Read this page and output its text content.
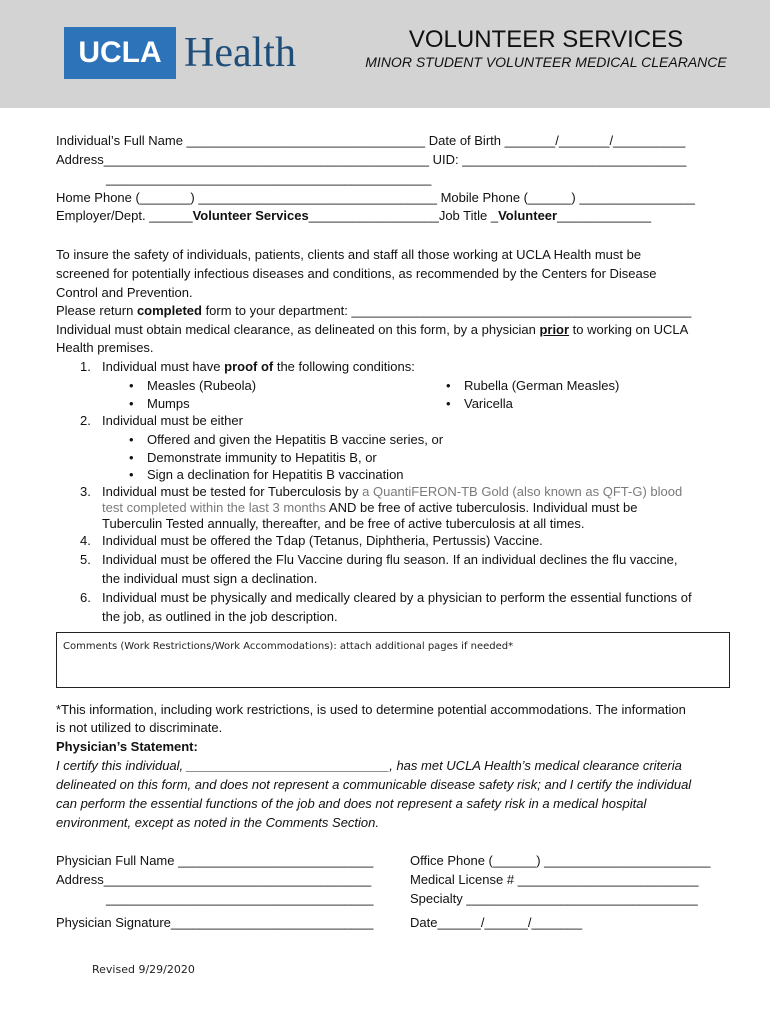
UCLA Health	VOLUNTEER SERVICES
MINOR STUDENT VOLUNTEER MEDICAL CLEARANCE
Individual’s Full Name _________________________________ Date of Birth _______/_______/__________
Address_____________________________________________ UID: _______________________________
_____________________________________________
Home Phone (_______) _________________________________ Mobile Phone (______) ________________
Employer/Dept. ______Volunteer Services__________________Job Title _Volunteer_____________
To insure the safety of individuals, patients, clients and staff all those working at UCLA Health must be
screened for potentially infectious diseases and conditions, as recommended by the Centers for Disease
Control and Prevention.
Please return completed form to your department: _______________________________________________
Individual must obtain medical clearance, as delineated on this form, by a physician prior to working on UCLA
Health premises.
1. Individual must have proof of the following conditions:
• Measles (Rubeola)
• Mumps
• Rubella (German Measles)
• Varicella
2. Individual must be either
• Offered and given the Hepatitis B vaccine series, or
• Demonstrate immunity to Hepatitis B, or
• Sign a declination for Hepatitis B vaccination
3. Individual must be tested for Tuberculosis by a QuantiFERON-TB Gold (also known as QFT-G) blood
test completed within the last 3 months AND be free of active tuberculosis. Individual must be
Tuberculin Tested annually, thereafter, and be free of active tuberculosis at all times.
4. Individual must be offered the Tdap (Tetanus, Diphtheria, Pertussis) Vaccine.
5. Individual must be offered the Flu Vaccine during flu season. If an individual declines the flu vaccine,
the individual must sign a declination.
6. Individual must be physically and medically cleared by a physician to perform the essential functions of
the job, as outlined in the job description.
Comments (Work Restrictions/Work Accommodations): attach additional pages if needed*
*This information, including work restrictions, is used to determine potential accommodations. The information
is not utilized to discriminate.
Physician’s Statement:
I certify this individual, ____________________________, has met UCLA Health’s medical clearance criteria
delineated on this form, and does not represent a communicable disease safety risk; and I certify the individual
can perform the essential functions of the job and does not represent a safety risk in a medical hospital
environment, except as noted in the Comments Section.
Physician Full Name ___________________________
Address_____________________________________
_____________________________________
Physician Signature____________________________
Office Phone (______) _______________________
Medical License # _________________________
Specialty ________________________________
Date______/______/_______
Revised 9/29/2020
